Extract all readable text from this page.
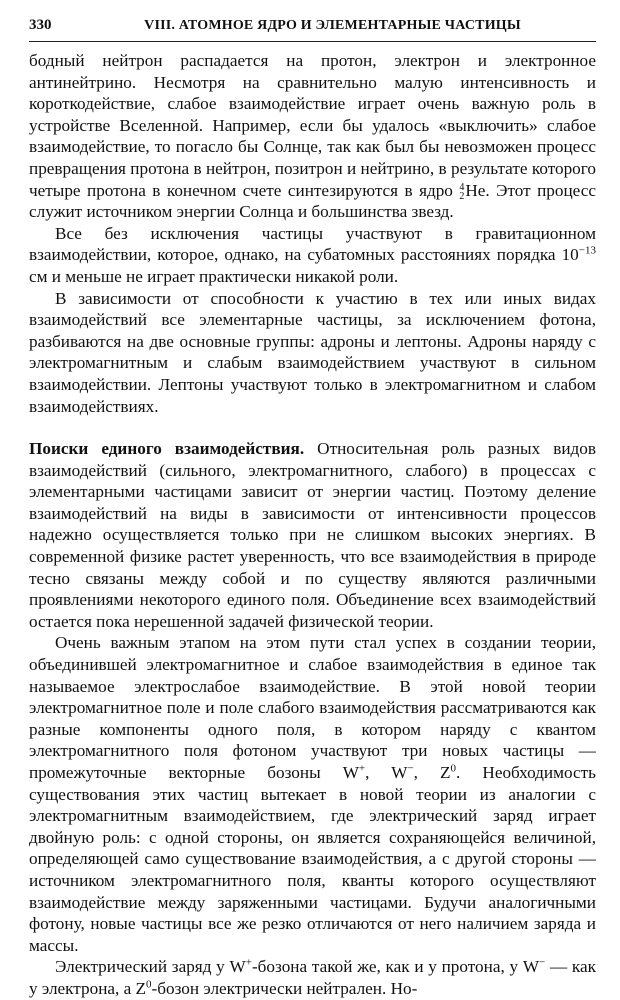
330	VIII. АТОМНОЕ ЯДРО И ЭЛЕМЕНТАРНЫЕ ЧАСТИЦЫ

бодный нейтрон распадается на протон, электрон и электронное антинейтрино. Несмотря на сравнительно малую интенсивность и короткодействие, слабое взаимодействие играет очень важную роль в устройстве Вселенной. Например, если бы удалось «выключить» слабое взаимодействие, то погасло бы Солнце, так как был бы невозможен процесс превращения протона в нейтрон, позитрон и нейтрино, в результате которого четыре протона в конечном счете синтезируются в ядро 4
2 He. Этот процесс служит источником энергии Солнца и большинства звезд.

Все без исключения частицы участвуют в гравитационном взаимодействии, которое, однако, на субатомных расстояниях порядка $10^{-13}$ см и меньше не играет практически никакой роли.

В зависимости от способности к участию в тех или иных видах взаимодействий все элементарные частицы, за исключением фотона, разбиваются на две основные группы: адроны и лептоны. Адроны наряду с электромагнитным и слабым взаимодействием участвуют в сильном взаимодействии. Лептоны участвуют только в электромагнитном и слабом взаимодействиях.

Поиски единого взаимодействия. Относительная роль разных видов взаимодействий (сильного, электромагнитного, слабого) в процессах с элементарными частицами зависит от энергии частиц. Поэтому деление взаимодействий на виды в зависимости от интенсивности процессов надежно осуществляется только при не слишком высоких энергиях. В современной физике растет уверенность, что все взаимодействия в природе тесно связаны между собой и по существу являются различными проявлениями некоторого единого поля. Объединение всех взаимодействий остается пока нерешенной задачей физической теории.

Очень важным этапом на этом пути стал успех в создании теории, объединившей электромагнитное и слабое взаимодействия в единое так называемое электрослабое взаимодействие. В этой новой теории электромагнитное поле и поле слабого взаимодействия рассматриваются как разные компоненты одного поля, в котором наряду с квантом электромагнитного поля фотоном участвуют три новых частицы — промежуточные векторные бозоны W+, W−, $Z^0$. Необходимость существования этих частиц вытекает в новой теории из аналогии с электромагнитным взаимодействием, где электрический заряд играет двойную роль: с одной стороны, он является сохраняющейся величиной, определяющей само существование взаимодействия, а с другой стороны — источником электромагнитного поля, кванты которого осуществляют взаимодействие между заряженными частицами. Будучи аналогичными фотону, новые частицы все же резко отличаются от него наличием заряда и массы.

Электрический заряд у W+-бозона такой же, как и у протона, у W− — как у электрона, а $Z^0$-бозон электрически нейтрален. Но-
